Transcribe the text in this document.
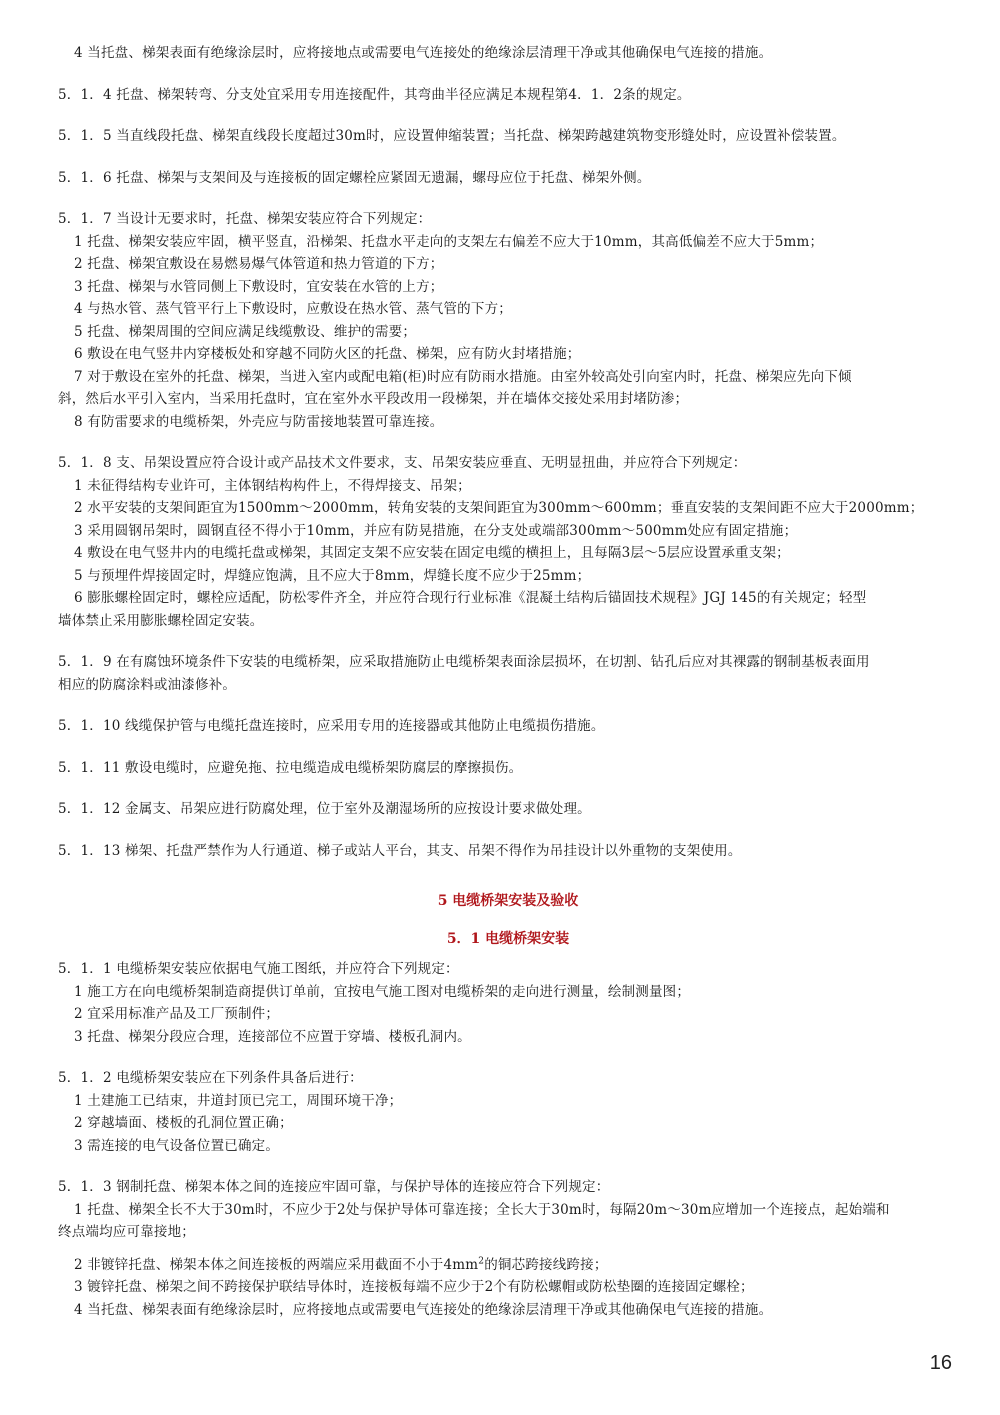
4 当托盘、梯架表面有绝缘涂层时，应将接地点或需要电气连接处的绝缘涂层清理干净或其他确保电气连接的措施。

5．1．4 托盘、梯架转弯、分支处宜采用专用连接配件，其弯曲半径应满足本规程第4．1．2条的规定。

5．1．5 当直线段托盘、梯架直线段长度超过30m时，应设置伸缩装置；当托盘、梯架跨越建筑物变形缝处时，应设置补偿装置。

5．1．6 托盘、梯架与支架间及与连接板的固定螺栓应紧固无遗漏，螺母应位于托盘、梯架外侧。

5．1．7 当设计无要求时，托盘、梯架安装应符合下列规定：

1 托盘、梯架安装应牢固，横平竖直，沿梯架、托盘水平走向的支架左右偏差不应大于10mm，其高低偏差不应大于5mm；

2 托盘、梯架宜敷设在易燃易爆气体管道和热力管道的下方；

3 托盘、梯架与水管同侧上下敷设时，宜安装在水管的上方；

4 与热水管、蒸气管平行上下敷设时，应敷设在热水管、蒸气管的下方；

5 托盘、梯架周围的空间应满足线缆敷设、维护的需要；

6 敷设在电气竖井内穿楼板处和穿越不同防火区的托盘、梯架，应有防火封堵措施；

7 对于敷设在室外的托盘、梯架，当进入室内或配电箱(柜)时应有防雨水措施。由室外较高处引向室内时，托盘、梯架应先向下倾

斜，然后水平引入室内，当采用托盘时，宜在室外水平段改用一段梯架，并在墙体交接处采用封堵防渗；

8 有防雷要求的电缆桥架，外壳应与防雷接地装置可靠连接。

5．1．8 支、吊架设置应符合设计或产品技术文件要求，支、吊架安装应垂直、无明显扭曲，并应符合下列规定：

1 未征得结构专业许可，主体钢结构构件上，不得焊接支、吊架；

2 水平安装的支架间距宜为1500mm～2000mm，转角安装的支架间距宜为300mm～600mm；垂直安装的支架间距不应大于2000mm；

3 采用圆钢吊架时，圆钢直径不得小于10mm，并应有防晃措施，在分支处或端部300mm～500mm处应有固定措施；

4 敷设在电气竖井内的电缆托盘或梯架，其固定支架不应安装在固定电缆的横担上，且每隔3层～5层应设置承重支架；

5 与预埋件焊接固定时，焊缝应饱满，且不应大于8mm，焊缝长度不应少于25mm；

6 膨胀螺栓固定时，螺栓应适配，防松零件齐全，并应符合现行行业标准《混凝土结构后锚固技术规程》JGJ 145的有关规定；轻型

墙体禁止采用膨胀螺栓固定安装。

5．1．9 在有腐蚀环境条件下安装的电缆桥架，应采取措施防止电缆桥架表面涂层损坏，在切割、钻孔后应对其裸露的钢制基板表面用

相应的防腐涂料或油漆修补。

5．1．10 线缆保护管与电缆托盘连接时，应采用专用的连接器或其他防止电缆损伤措施。

5．1．11 敷设电缆时，应避免拖、拉电缆造成电缆桥架防腐层的摩擦损伤。

5．1．12 金属支、吊架应进行防腐处理，位于室外及潮湿场所的应按设计要求做处理。

5．1．13 梯架、托盘严禁作为人行通道、梯子或站人平台，其支、吊架不得作为吊挂设计以外重物的支架使用。

5 电缆桥架安装及验收

5．1 电缆桥架安装

5．1．1 电缆桥架安装应依据电气施工图纸，并应符合下列规定：

1 施工方在向电缆桥架制造商提供订单前，宜按电气施工图对电缆桥架的走向进行测量，绘制测量图；

2 宜采用标准产品及工厂预制件；

3 托盘、梯架分段应合理，连接部位不应置于穿墙、楼板孔洞内。

5．1．2 电缆桥架安装应在下列条件具备后进行：

1 土建施工已结束，井道封顶已完工，周围环境干净；

2 穿越墙面、楼板的孔洞位置正确；

3 需连接的电气设备位置已确定。

5．1．3 钢制托盘、梯架本体之间的连接应牢固可靠，与保护导体的连接应符合下列规定：

1 托盘、梯架全长不大于30m时，不应少于2处与保护导体可靠连接；全长大于30m时，每隔20m～30m应增加一个连接点，起始端和

终点端均应可靠接地；

2 非镀锌托盘、梯架本体之间连接板的两端应采用截面不小于$4mm^2$的铜芯跨接线跨接；

3 镀锌托盘、梯架之间不跨接保护联结导体时，连接板每端不应少于2个有防松螺帽或防松垫圈的连接固定螺栓；

4 当托盘、梯架表面有绝缘涂层时，应将接地点或需要电气连接处的绝缘涂层清理干净或其他确保电气连接的措施。

16
